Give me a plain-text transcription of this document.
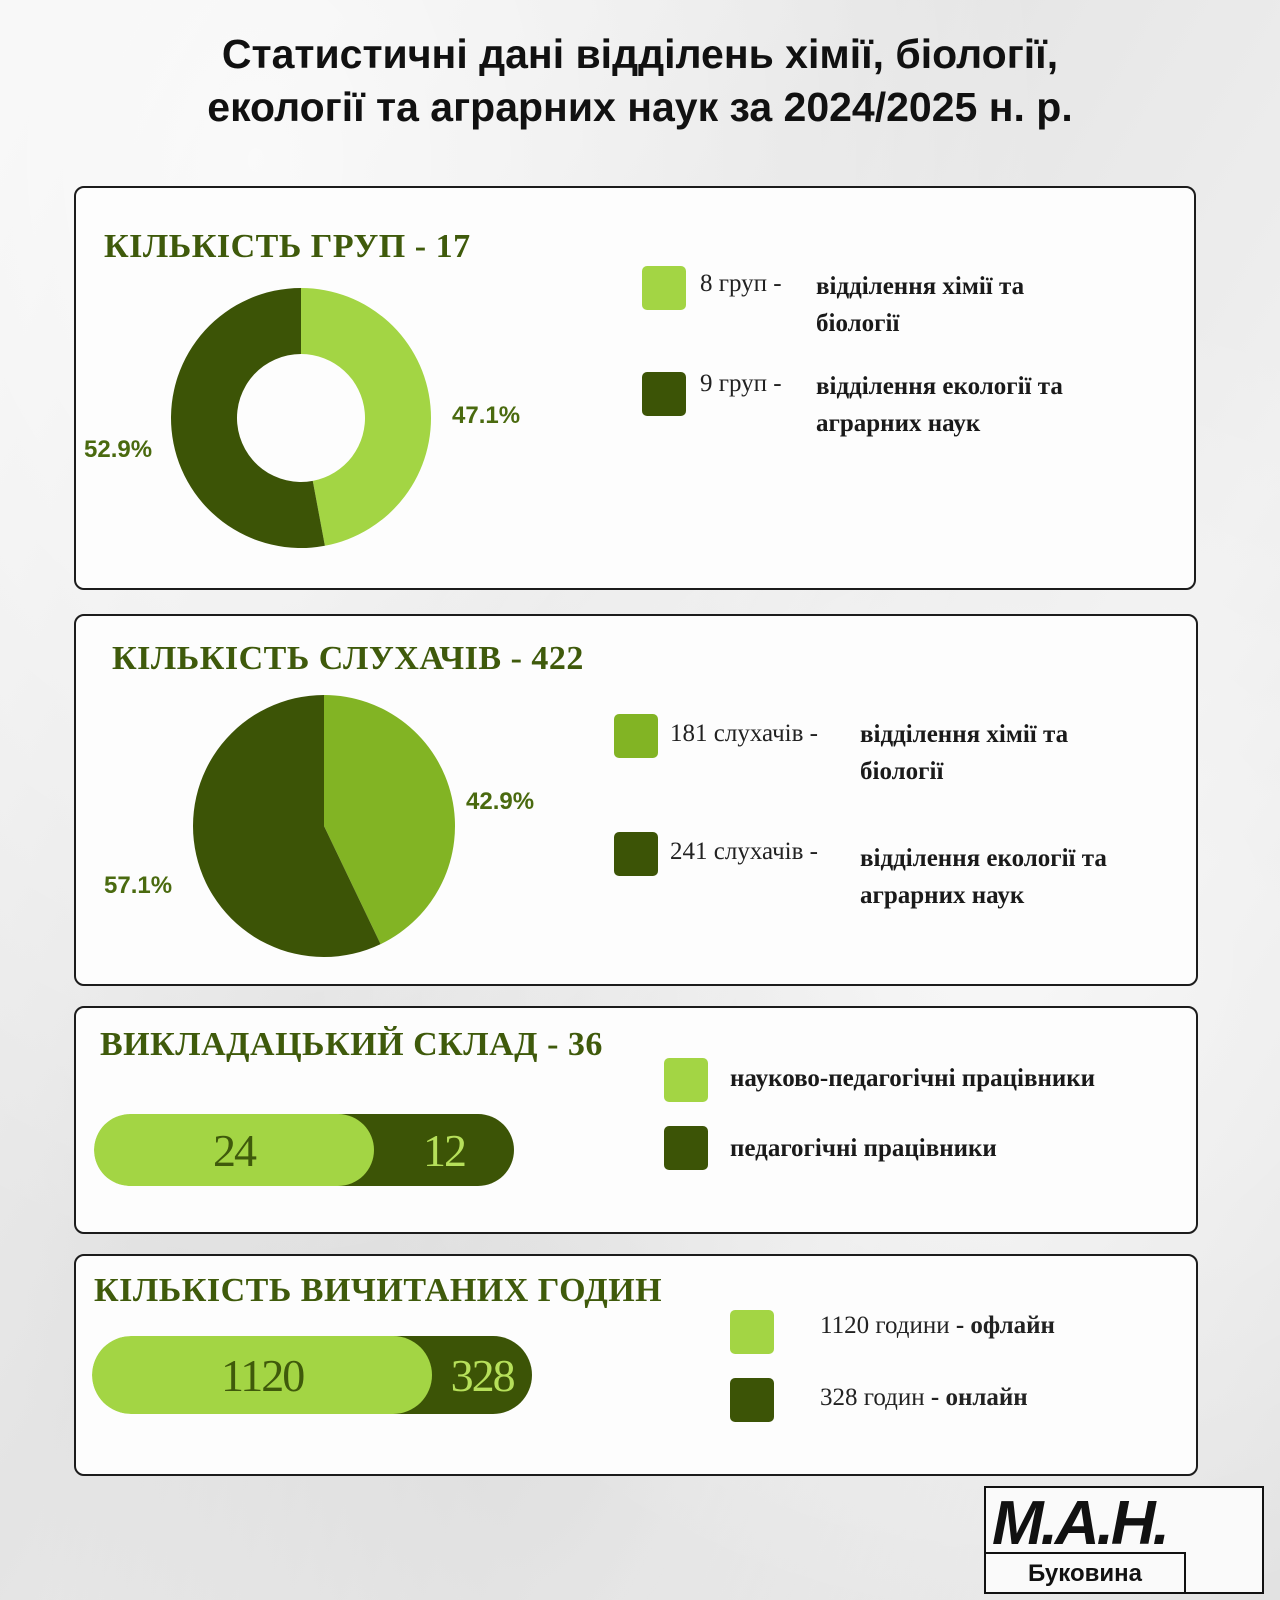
Статистичні дані відділень хімії, біології,
екології та аграрних наук за 2024/2025 н. р.
КІЛЬКІСТЬ ГРУП - 17
47.1%
52.9%
8 груп - відділення хімії та
біології
9 груп - відділення екології та
аграрних наук
КІЛЬКІСТЬ СЛУХАЧІВ - 422
42.9%
57.1%
181 слухачів - відділення хімії та
біології
241 слухачів - відділення екології та
аграрних наук
ВИКЛАДАЦЬКИЙ СКЛАД - 36
24	12
науково-педагогічні працівники
педагогічні працівники
КІЛЬКІСТЬ ВИЧИТАНИХ ГОДИН
1120	328
1120 години - офлайн
328 годин - онлайн
М.А.Н.
Буковина
